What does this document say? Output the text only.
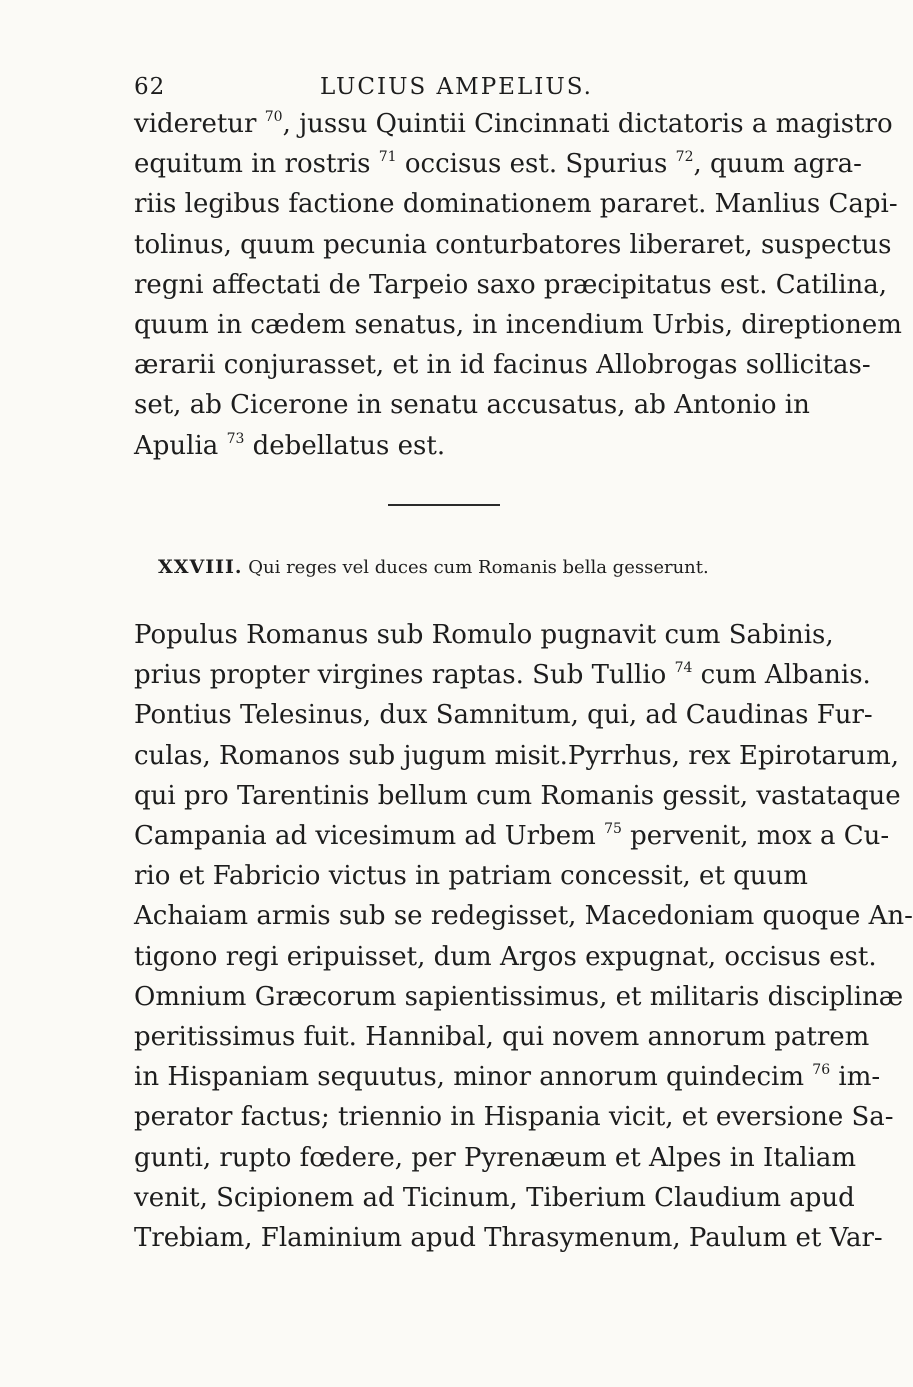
62	LUCIUS AMPELIUS.
videretur $^{70}$, jussu Quintii Cincinnati dictatoris a magistro
equitum in rostris $^{71}$ occisus est. Spurius $^{72}$, quum agra-
riis legibus factione dominationem pararet. Manlius Capi-
tolinus, quum pecunia conturbatores liberaret, suspectus
regni affectati de Tarpeio saxo præcipitatus est. Catilina,
quum in cædem senatus, in incendium Urbis, direptionem
ærarii conjurasset, et in id facinus Allobrogas sollicitas-
set, ab Cicerone in senatu accusatus, ab Antonio in
Apulia $^{73}$ debellatus est.
XXVIII. Qui reges vel duces cum Romanis bella gesserunt.
Populus Romanus sub Romulo pugnavit cum Sabinis,
prius propter virgines raptas. Sub Tullio $^{74}$ cum Albanis.
Pontius Telesinus, dux Samnitum, qui, ad Caudinas Fur-
culas, Romanos sub jugum misit.Pyrrhus, rex Epirotarum,
qui pro Tarentinis bellum cum Romanis gessit, vastataque
Campania ad vicesimum ad Urbem $^{75}$ pervenit, mox a Cu-
rio et Fabricio victus in patriam concessit, et quum
Achaiam armis sub se redegisset, Macedoniam quoque An-
tigono regi eripuisset, dum Argos expugnat, occisus est.
Omnium Græcorum sapientissimus, et militaris disciplinæ
peritissimus fuit. Hannibal, qui novem annorum patrem
in Hispaniam sequutus, minor annorum quindecim $^{76}$ im-
perator factus; triennio in Hispania vicit, et eversione Sa-
gunti, rupto fœdere, per Pyrenæum et Alpes in Italiam
venit, Scipionem ad Ticinum, Tiberium Claudium apud
Trebiam, Flaminium apud Thrasymenum, Paulum et Var-
